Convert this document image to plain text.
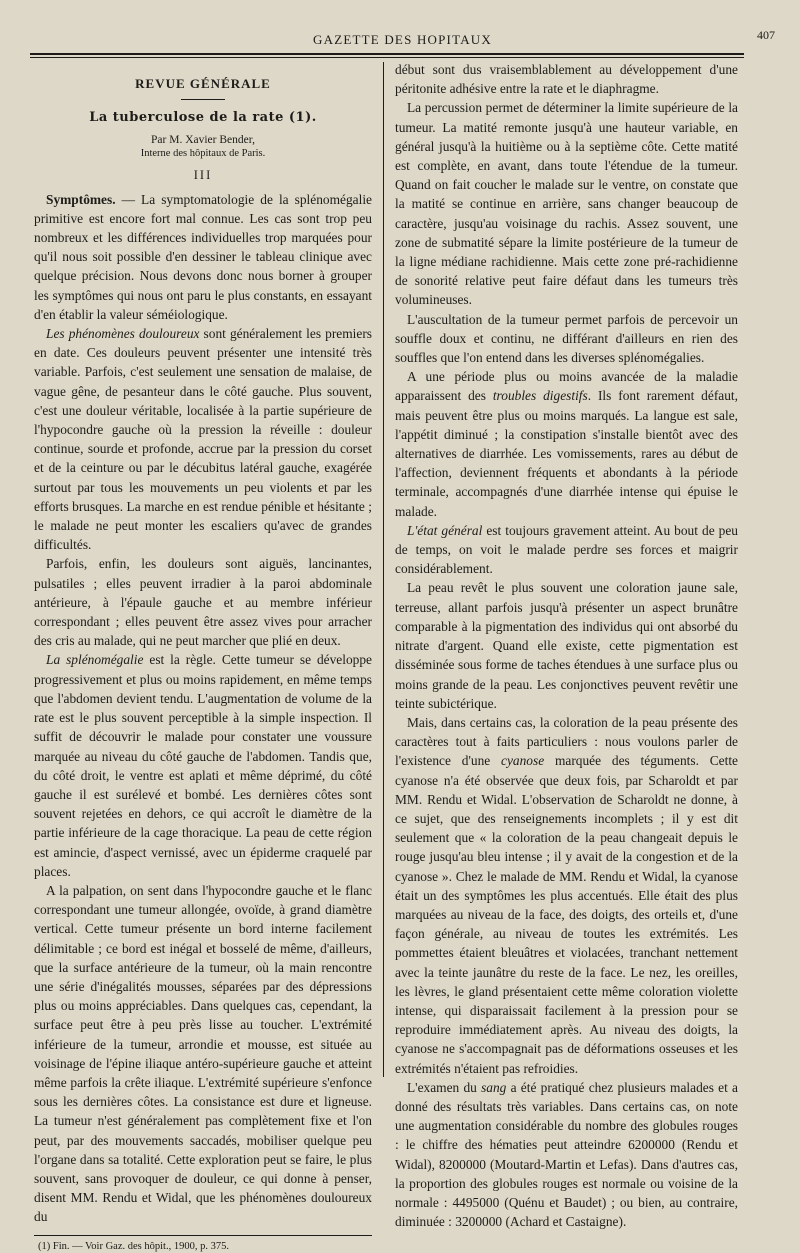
GAZETTE DES HOPITAUX	407
REVUE GÉNÉRALE
La tuberculose de la rate (1).
Par M. Xavier Bender,
Interne des hôpitaux de Paris.
III

Symptômes. — La symptomatologie de la splénomégalie primitive est encore fort mal connue. Les cas sont trop peu nombreux et les différences individuelles trop marquées pour qu'il nous soit possible d'en dessiner le tableau clinique avec quelque précision. Nous devons donc nous borner à grouper les symptômes qui nous ont paru le plus constants, en essayant d'en établir la valeur séméiologique.

Les phénomènes douloureux sont généralement les premiers en date. Ces douleurs peuvent présenter une intensité très variable. Parfois, c'est seulement une sensation de malaise, de vague gêne, de pesanteur dans le côté gauche. Plus souvent, c'est une douleur véritable, localisée à la partie supérieure de l'hypocondre gauche où la pression la réveille : douleur continue, sourde et profonde, accrue par la pression du corset et de la ceinture ou par le décubitus latéral gauche, exagérée surtout par tous les mouvements un peu violents et par les efforts brusques. La marche en est rendue pénible et hésitante ; le malade ne peut monter les escaliers qu'avec de grandes difficultés.

Parfois, enfin, les douleurs sont aiguës, lancinantes, pulsatiles ; elles peuvent irradier à la paroi abdominale antérieure, à l'épaule gauche et au membre inférieur correspondant ; elles peuvent être assez vives pour arracher des cris au malade, qui ne peut marcher que plié en deux.

La splénomégalie est la règle. Cette tumeur se développe progressivement et plus ou moins rapidement, en même temps que l'abdomen devient tendu. L'augmentation de volume de la rate est le plus souvent perceptible à la simple inspection. Il suffit de découvrir le malade pour constater une voussure marquée au niveau du côté gauche de l'abdomen. Tandis que, du côté droit, le ventre est aplati et même déprimé, du côté gauche il est surélevé et bombé. Les dernières côtes sont souvent rejetées en dehors, ce qui accroît le diamètre de la partie inférieure de la cage thoracique. La peau de cette région est amincie, d'aspect vernissé, avec un épiderme craquelé par places.

A la palpation, on sent dans l'hypocondre gauche et le flanc correspondant une tumeur allongée, ovoïde, à grand diamètre vertical. Cette tumeur présente un bord interne facilement délimitable ; ce bord est inégal et bosselé de même, d'ailleurs, que la surface antérieure de la tumeur, où la main rencontre une série d'inégalités mousses, séparées par des dépressions plus ou moins appréciables. Dans quelques cas, cependant, la surface peut être à peu près lisse au toucher. L'extrémité inférieure de la tumeur, arrondie et mousse, est située au voisinage de l'épine iliaque antéro-supérieure gauche et atteint même parfois la crête iliaque. L'extrémité supérieure s'enfonce sous les dernières côtes. La consistance est dure et ligneuse. La tumeur n'est généralement pas complètement fixe et l'on peut, par des mouvements saccadés, mobiliser quelque peu l'organe dans sa totalité. Cette exploration peut se faire, le plus souvent, sans provoquer de douleur, ce qui donne à penser, disent MM. Rendu et Widal, que les phénomènes douloureux du

(1) Fin. — Voir Gaz. des hôpit., 1900, p. 375.

début sont dus vraisemblablement au développement d'une péritonite adhésive entre la rate et le diaphragme.

La percussion permet de déterminer la limite supérieure de la tumeur. La matité remonte jusqu'à une hauteur variable, en général jusqu'à la huitième ou à la septième côte. Cette matité est complète, en avant, dans toute l'étendue de la tumeur. Quand on fait coucher le malade sur le ventre, on constate que la matité se continue en arrière, sans changer beaucoup de caractère, jusqu'au voisinage du rachis. Assez souvent, une zone de submatité sépare la limite postérieure de la tumeur de la ligne médiane rachidienne. Mais cette zone pré-rachidienne de sonorité relative peut faire défaut dans les tumeurs très volumineuses.

L'auscultation de la tumeur permet parfois de percevoir un souffle doux et continu, ne différant d'ailleurs en rien des souffles que l'on entend dans les diverses splénomégalies.

A une période plus ou moins avancée de la maladie apparaissent des troubles digestifs. Ils font rarement défaut, mais peuvent être plus ou moins marqués. La langue est sale, l'appétit diminué ; la constipation s'installe bientôt avec des alternatives de diarrhée. Les vomissements, rares au début de l'affection, deviennent fréquents et abondants à la période terminale, accompagnés d'une diarrhée intense qui épuise le malade.

L'état général est toujours gravement atteint. Au bout de peu de temps, on voit le malade perdre ses forces et maigrir considérablement.

La peau revêt le plus souvent une coloration jaune sale, terreuse, allant parfois jusqu'à présenter un aspect brunâtre comparable à la pigmentation des individus qui ont absorbé du nitrate d'argent. Quand elle existe, cette pigmentation est disséminée sous forme de taches étendues à une surface plus ou moins grande de la peau. Les conjonctives peuvent revêtir une teinte subictérique.

Mais, dans certains cas, la coloration de la peau présente des caractères tout à faits particuliers : nous voulons parler de l'existence d'une cyanose marquée des téguments. Cette cyanose n'a été observée que deux fois, par Scharoldt et par MM. Rendu et Widal. L'observation de Scharoldt ne donne, à ce sujet, que des renseignements incomplets ; il y est dit seulement que « la coloration de la peau changeait depuis le rouge jusqu'au bleu intense ; il y avait de la congestion et de la cyanose ». Chez le malade de MM. Rendu et Widal, la cyanose était un des symptômes les plus accentués. Elle était des plus marquées au niveau de la face, des doigts, des orteils et, d'une façon générale, au niveau de toutes les extrémités. Les pommettes étaient bleuâtres et violacées, tranchant nettement avec la teinte jaunâtre du reste de la face. Le nez, les oreilles, les lèvres, le gland présentaient cette même coloration violette intense, qui disparaissait facilement à la pression pour se reproduire immédiatement après. Au niveau des doigts, la cyanose ne s'accompagnait pas de déformations osseuses et les extrémités n'étaient pas refroidies.

L'examen du sang a été pratiqué chez plusieurs malades et a donné des résultats très variables. Dans certains cas, on note une augmentation considérable du nombre des globules rouges : le chiffre des hématies peut atteindre 6200000 (Rendu et Widal), 8200000 (Moutard-Martin et Lefas). Dans d'autres cas, la proportion des globules rouges est normale ou voisine de la normale : 4495000 (Quénu et Baudet) ; ou bien, au contraire, diminuée : 3200000 (Achard et Castaigne).
